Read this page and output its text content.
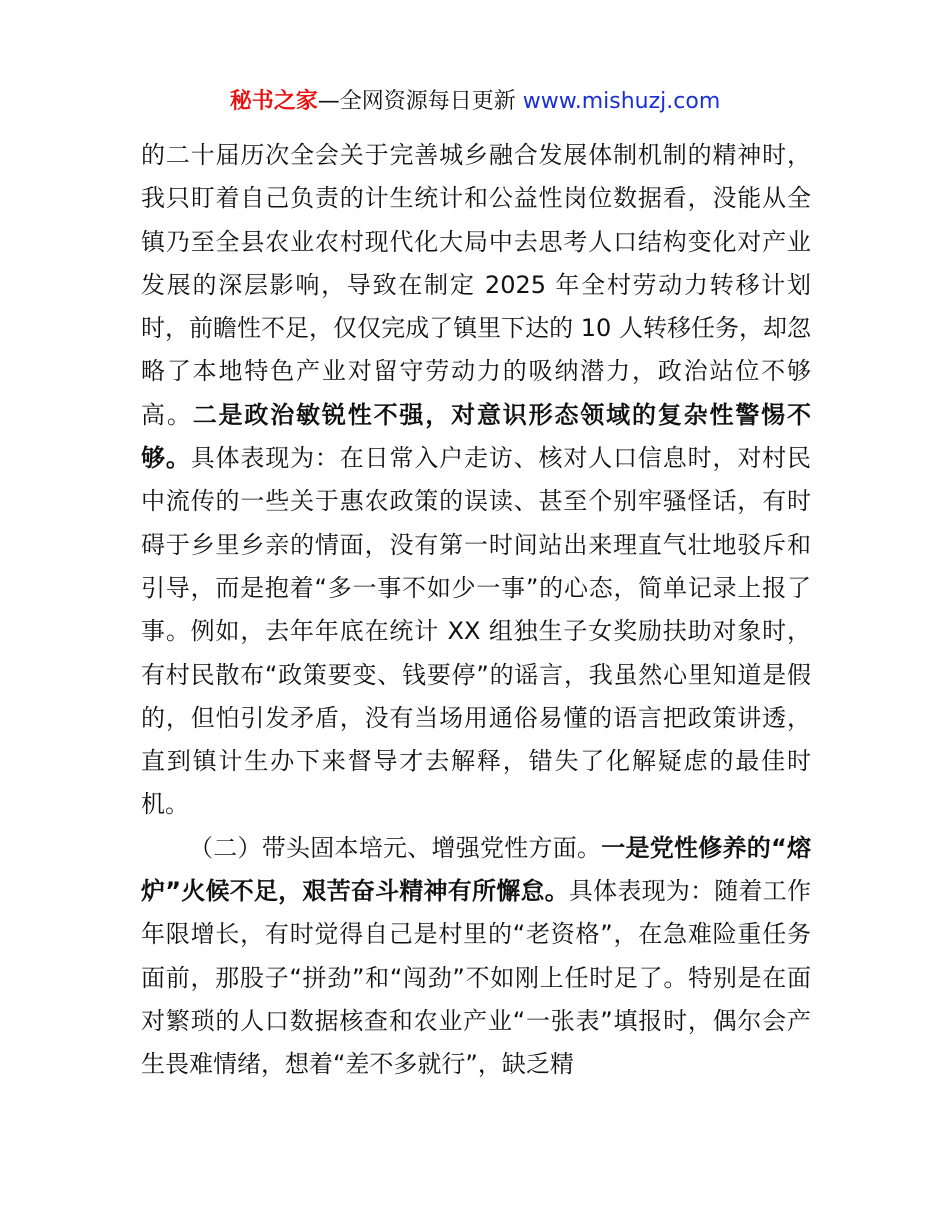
秘书之家—全网资源每日更新 www.mishuzj.com

的二十届历次全会关于完善城乡融合发展体制机制的精神时，我只盯着自己负责的计生统计和公益性岗位数据看，没能从全镇乃至全县农业农村现代化大局中去思考人口结构变化对产业发展的深层影响，导致在制定 2025 年全村劳动力转移计划时，前瞻性不足，仅仅完成了镇里下达的 10 人转移任务，却忽略了本地特色产业对留守劳动力的吸纳潜力，政治站位不够高。二是政治敏锐性不强，对意识形态领域的复杂性警惕不够。具体表现为：在日常入户走访、核对人口信息时，对村民中流传的一些关于惠农政策的误读、甚至个别牢骚怪话，有时碍于乡里乡亲的情面，没有第一时间站出来理直气壮地驳斥和引导，而是抱着“多一事不如少一事”的心态，简单记录上报了事。例如，去年年底在统计 XX 组独生子女奖励扶助对象时，有村民散布“政策要变、钱要停”的谣言，我虽然心里知道是假的，但怕引发矛盾，没有当场用通俗易懂的语言把政策讲透，直到镇计生办下来督导才去解释，错失了化解疑虑的最佳时机。

（二）带头固本培元、增强党性方面。一是党性修养的“熔炉”火候不足，艰苦奋斗精神有所懈怠。具体表现为：随着工作年限增长，有时觉得自己是村里的“老资格”，在急难险重任务面前，那股子“拼劲”和“闯劲”不如刚上任时足了。特别是在面对繁琐的人口数据核查和农业产业“一张表”填报时，偶尔会产生畏难情绪，想着“差不多就行”，缺乏精
